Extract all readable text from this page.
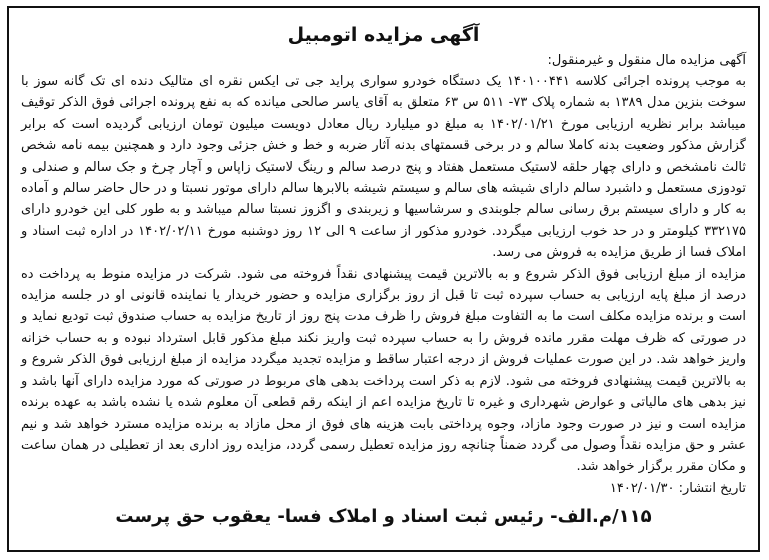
آگهی مزایده اتومبیل

آگهی مزایده مال منقول و غیرمنقول:

به موجب پرونده اجرائی کلاسه ۱۴۰۱۰۰۴۴۱ یک دستگاه خودرو سواری پراید جی تی ایکس نقره ای متالیک دنده ای تک گانه سوز با سوخت بنزین مدل ۱۳۸۹ به شماره پلاک ۷۳- ۵۱۱ س ۶۳ متعلق به آقای یاسر صالحی میانده که به نفع پرونده اجرائی فوق الذکر توقیف میباشد برابر نظریه ارزیابی مورخ ۱۴۰۲/۰۱/۲۱ به مبلغ دو میلیارد ریال معادل دویست میلیون تومان ارزیابی گردیده است که برابر گزارش مذکور وضعیت بدنه کاملا سالم و در برخی قسمتهای بدنه آثار ضربه و خط و خش جزئی وجود دارد و همچنین بیمه نامه شخص ثالث نامشخص و دارای چهار حلقه لاستیک مستعمل هفتاد و پنج درصد سالم و رینگ لاستیک زاپاس و آچار چرخ و جک سالم و صندلی و تودوزی مستعمل و داشبرد سالم دارای شیشه های سالم و سیستم شیشه بالابرها سالم دارای موتور نسبتا و در حال حاضر سالم و آماده به کار و دارای سیستم برق رسانی سالم جلوبندی و سرشاسیها و زیربندی و اگزوز نسبتا سالم میباشد و به طور کلی این خودرو دارای ۳۳۲۱۷۵ کیلومتر و در حد خوب ارزیابی میگردد. خودرو مذکور از ساعت ۹ الی ۱۲ روز دوشنبه مورخ ۱۴۰۲/۰۲/۱۱ در اداره ثبت اسناد و املاک فسا از طریق مزایده به فروش می رسد.

مزایده از مبلغ ارزیابی فوق الذکر شروع و به بالاترین قیمت پیشنهادی نقداً فروخته می شود. شرکت در مزایده منوط به پرداخت ده درصد از مبلغ پایه ارزیابی به حساب سپرده ثبت تا قبل از روز برگزاری مزایده و حضور خریدار یا نماینده قانونی او در جلسه مزایده است و برنده مزایده مکلف است ما به التفاوت مبلغ فروش را ظرف مدت پنج روز از تاریخ مزایده به حساب صندوق ثبت تودیع نماید و در صورتی که ظرف مهلت مقرر مانده فروش را به حساب سپرده ثبت واریز نکند مبلغ مذکور قابل استرداد نبوده و به حساب خزانه واریز خواهد شد. در این صورت عملیات فروش از درجه اعتبار ساقط و مزایده تجدید میگردد مزایده از مبلغ ارزیابی فوق الذکر شروع و به بالاترین قیمت پیشنهادی فروخته می شود. لازم به ذکر است پرداخت بدهی های مربوط در صورتی که مورد مزایده دارای آنها باشد و نیز بدهی های مالیاتی و عوارض شهرداری و غیره تا تاریخ مزایده اعم از اینکه رقم قطعی آن معلوم شده یا نشده باشد به عهده برنده مزایده است و نیز در صورت وجود مازاد، وجوه پرداختی بابت هزینه های فوق از محل مازاد به برنده مزایده مسترد خواهد شد و نیم عشر و حق مزایده نقداً وصول می گردد ضمناً چنانچه روز مزایده تعطیل رسمی گردد، مزایده روز اداری بعد از تعطیلی در همان ساعت و مکان مقرر برگزار خواهد شد.

تاریخ انتشار: ۱۴۰۲/۰۱/۳۰

۱۱۵/م.الف- رئیس ثبت اسناد و املاک فسا- یعقوب حق پرست
